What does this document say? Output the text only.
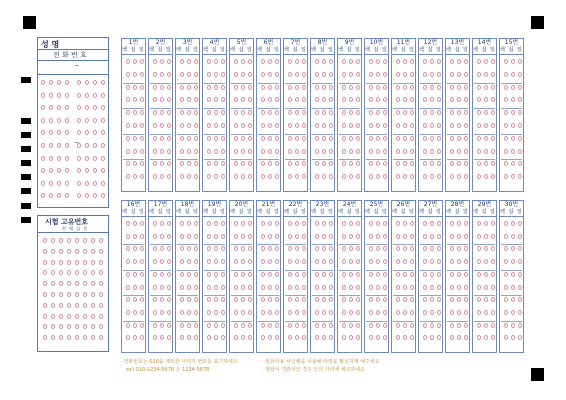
성 명
전 화 번 호
−
−
시험 고유번호
천 백 십 일
1번
백 십 일
2번
백 십 일
3번
백 십 일
4번
백 십 일
5번
백 십 일
6번
백 십 일
7번
백 십 일
8번
백 십 일
9번
백 십 일
10번
백 십 일
11번
백 십 일
12번
백 십 일
13번
백 십 일
14번
백 십 일
15번
백 십 일
16번
백 십 일
17번
백 십 일
18번
백 십 일
19번
백 십 일
20번
백 십 일
21번
백 십 일
22번
백 십 일
23번
백 십 일
24번
백 십 일
25번
백 십 일
26번
백 십 일
27번
백 십 일
28번
백 십 일
29번
백 십 일
30번
백 십 일
·전화번호는 010을 제외한 나머지 번호를 표기하세요
ex) 010-1234-5678 은 1234-5678
· 컴퓨터용 사인펜을 사용해 마킹을 확실하게 해주세요
· 정답이 객관식인 경우 일의 자리에 체크하세요
